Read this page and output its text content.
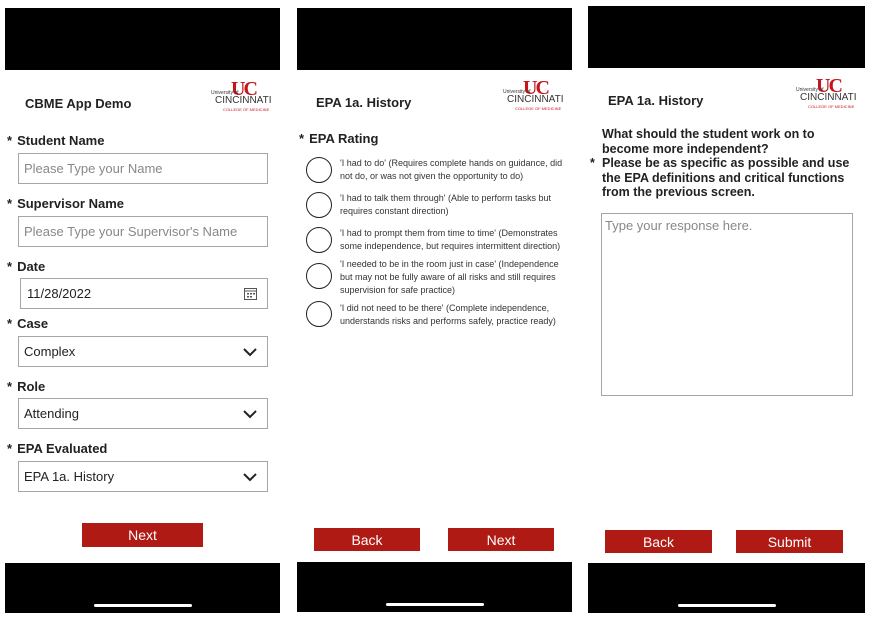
CBME App Demo
UC
University of
CINCINNATI
COLLEGE OF MEDICINE
* Student Name
Please Type your Name
* Supervisor Name
Please Type your Supervisor's Name
* Date
11/28/2022
* Case
Complex
* Role
Attending
* EPA Evaluated
EPA 1a. History
Next
EPA 1a. History
UC
University of
CINCINNATI
COLLEGE OF MEDICINE
* EPA Rating
'I had to do' (Requires complete hands on guidance, did not do, or was not given the opportunity to do)
'I had to talk them through' (Able to perform tasks but requires constant direction)
'I had to prompt them from time to time' (Demonstrates some independence, but requires intermittent direction)
'I needed to be in the room just in case' (Independence but may not be fully aware of all risks and still requires supervision for safe practice)
'I did not need to be there' (Complete independence, understands risks and performs safely, practice ready)
Back	Next
EPA 1a. History
UC
University of
CINCINNATI
COLLEGE OF MEDICINE
What should the student work on to become more independent?
* Please be as specific as possible and use the EPA definitions and critical functions from the previous screen.
Type your response here.
Back	Submit
